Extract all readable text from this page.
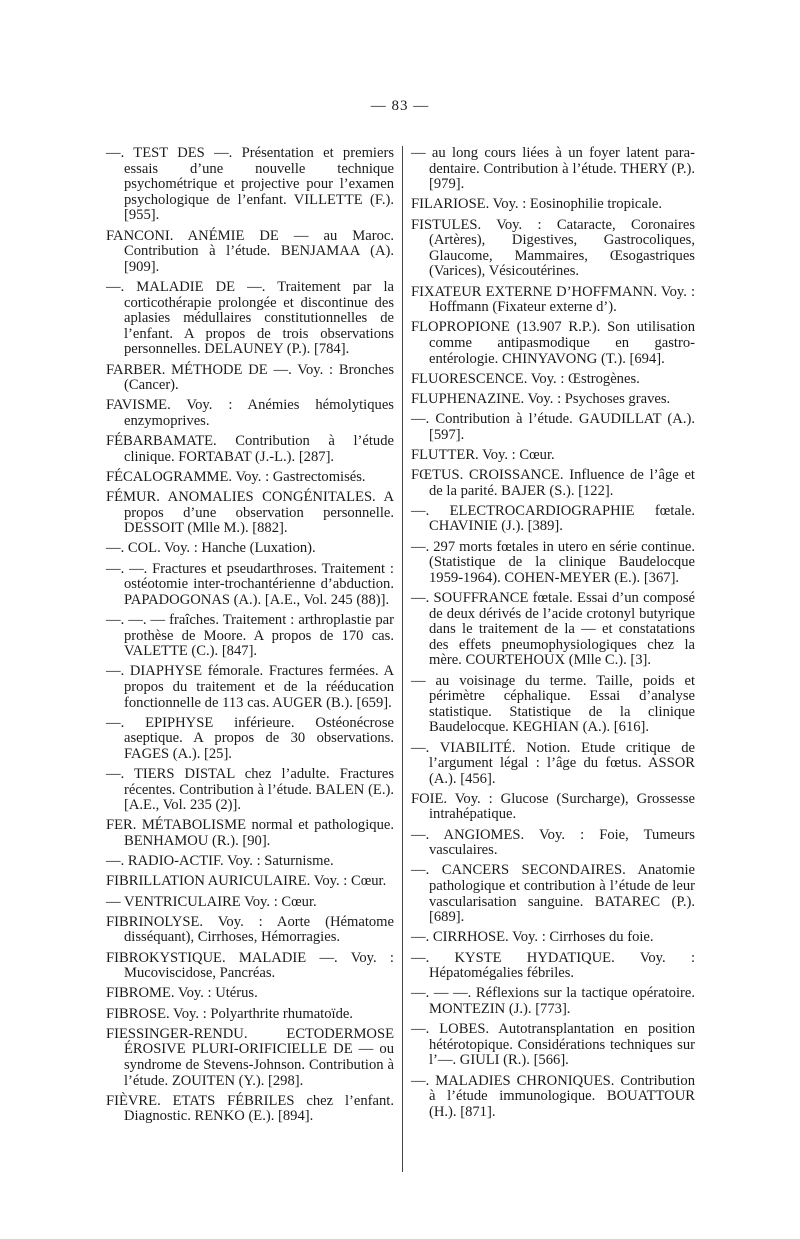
— 83 —

—. TEST DES —. Présentation et premiers essais d’une nouvelle technique psychométrique et projective pour l’examen psychologique de l’enfant. VILLETTE (F.). [955].

FANCONI. ANÉMIE DE — au Maroc. Contribution à l’étude. BENJAMAA (A). [909].

—. MALADIE DE —. Traitement par la corticothérapie prolongée et discontinue des aplasies médullaires constitutionnelles de l’enfant. A propos de trois observations personnelles. DELAUNEY (P.). [784].

FARBER. MÉTHODE DE —. Voy. : Bronches (Cancer).

FAVISME. Voy. : Anémies hémolytiques enzymoprives.

FÉBARBAMATE. Contribution à l’étude clinique. FORTABAT (J.-L.). [287].

FÉCALOGRAMME. Voy. : Gastrectomisés.

FÉMUR. ANOMALIES CONGÉNITALES. A propos d’une observation personnelle. DESSOIT (Mlle M.). [882].

—. COL. Voy. : Hanche (Luxation).

—. —. Fractures et pseudarthroses. Traitement : ostéotomie inter-trochantérienne d’abduction. PAPADOGONAS (A.). [A.E., Vol. 245 (88)].

—. —. — fraîches. Traitement : arthroplastie par prothèse de Moore. A propos de 170 cas. VALETTE (C.). [847].

—. DIAPHYSE fémorale. Fractures fermées. A propos du traitement et de la rééducation fonctionnelle de 113 cas. AUGER (B.). [659].

—. EPIPHYSE inférieure. Ostéonécrose aseptique. A propos de 30 observations. FAGES (A.). [25].

—. TIERS DISTAL chez l’adulte. Fractures récentes. Contribution à l’étude. BALEN (E.). [A.E., Vol. 235 (2)].

FER. MÉTABOLISME normal et pathologique. BENHAMOU (R.). [90].

—. RADIO-ACTIF. Voy. : Saturnisme.

FIBRILLATION AURICULAIRE. Voy. : Cœur.

— VENTRICULAIRE Voy. : Cœur.

FIBRINOLYSE. Voy. : Aorte (Hématome disséquant), Cirrhoses, Hémorragies.

FIBROKYSTIQUE. MALADIE —. Voy. : Mucoviscidose, Pancréas.

FIBROME. Voy. : Utérus.

FIBROSE. Voy. : Polyarthrite rhumatoïde.

FIESSINGER-RENDU. ECTODERMOSE ÉROSIVE PLURI-ORIFICIELLE DE — ou syndrome de Stevens-Johnson. Contribution à l’étude. ZOUITEN (Y.). [298].

FIÈVRE. ETATS FÉBRILES chez l’enfant. Diagnostic. RENKO (E.). [894].

— au long cours liées à un foyer latent para-dentaire. Contribution à l’étude. THERY (P.). [979].

FILARIOSE. Voy. : Eosinophilie tropicale.

FISTULES. Voy. : Cataracte, Coronaires (Artères), Digestives, Gastrocoliques, Glaucome, Mammaires, Œsogastriques (Varices), Vésicoutérines.

FIXATEUR EXTERNE D’HOFFMANN. Voy. : Hoffmann (Fixateur externe d’).

FLOPROPIONE (13.907 R.P.). Son utilisation comme antipasmodique en gastro-entérologie. CHINYAVONG (T.). [694].

FLUORESCENCE. Voy. : Œstrogènes.

FLUPHENAZINE. Voy. : Psychoses graves.

—. Contribution à l’étude. GAUDILLAT (A.). [597].

FLUTTER. Voy. : Cœur.

FŒTUS. CROISSANCE. Influence de l’âge et de la parité. BAJER (S.). [122].

—. ELECTROCARDIOGRAPHIE fœtale. CHAVINIE (J.). [389].

—. 297 morts fœtales in utero en série continue. (Statistique de la clinique Baudelocque 1959-1964). COHEN-MEYER (E.). [367].

—. SOUFFRANCE fœtale. Essai d’un composé de deux dérivés de l’acide crotonyl butyrique dans le traitement de la — et constatations des effets pneumophysiologiques chez la mère. COURTEHOUX (Mlle C.). [3].

— au voisinage du terme. Taille, poids et périmètre céphalique. Essai d’analyse statistique. Statistique de la clinique Baudelocque. KEGHIAN (A.). [616].

—. VIABILITÉ. Notion. Etude critique de l’argument légal : l’âge du fœtus. ASSOR (A.). [456].

FOIE. Voy. : Glucose (Surcharge), Grossesse intrahépatique.

—. ANGIOMES. Voy. : Foie, Tumeurs vasculaires.

—. CANCERS SECONDAIRES. Anatomie pathologique et contribution à l’étude de leur vascularisation sanguine. BATAREC (P.). [689].

—. CIRRHOSE. Voy. : Cirrhoses du foie.

—. KYSTE HYDATIQUE. Voy. : Hépatomégalies fébriles.

—. — —. Réflexions sur la tactique opératoire. MONTEZIN (J.). [773].

—. LOBES. Autotransplantation en position hétérotopique. Considérations techniques sur l’—. GIULI (R.). [566].

—. MALADIES CHRONIQUES. Contribution à l’étude immunologique. BOUATTOUR (H.). [871].
